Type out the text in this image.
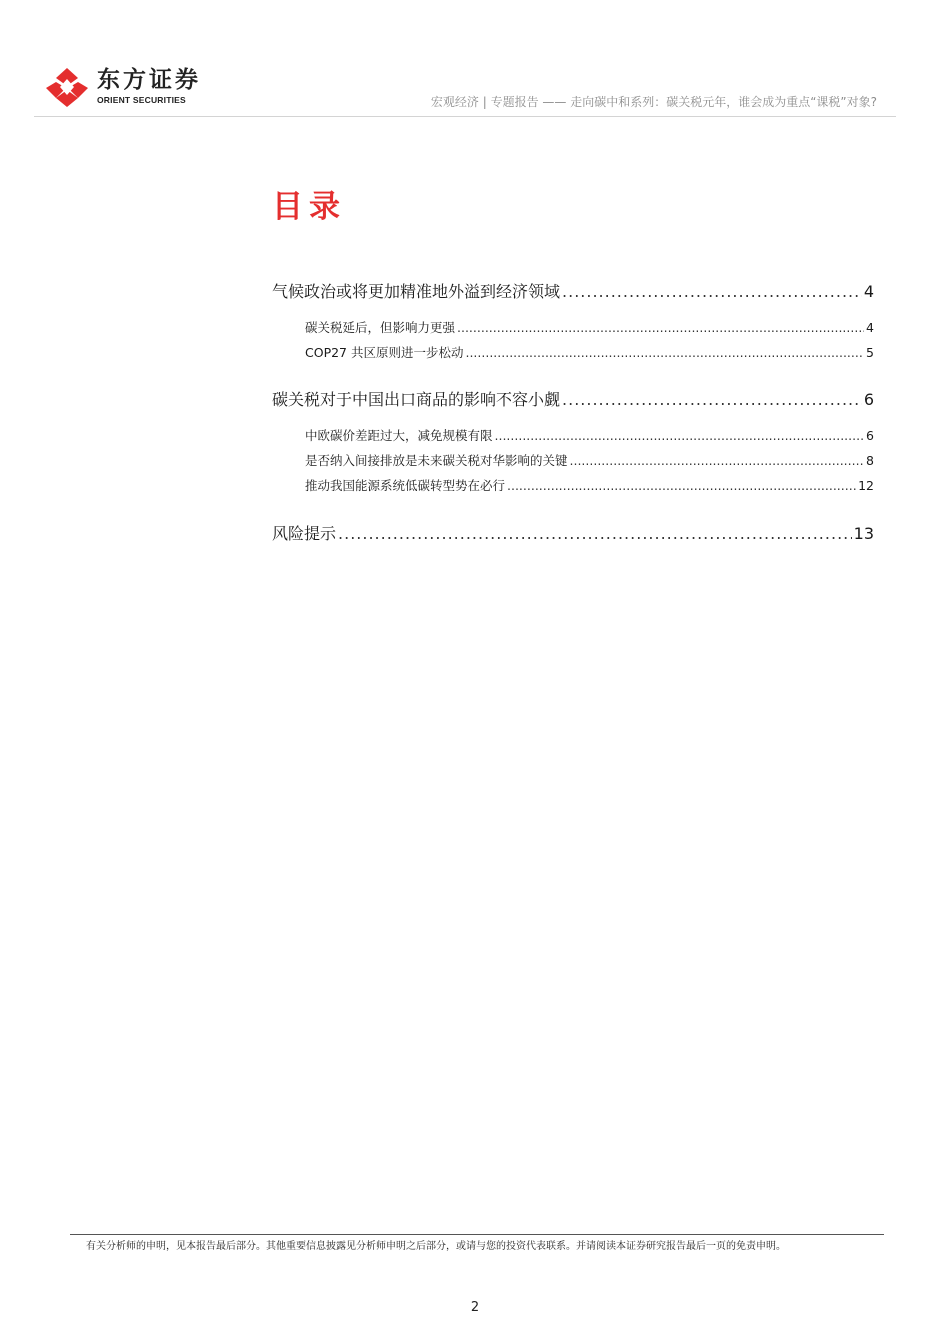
东方证券
ORIENT SECURITIES	宏观经济 | 专题报告 —— 走向碳中和系列：碳关税元年，谁会成为重点“课税”对象?
目录
气候政治或将更加精准地外溢到经济领域 .....	4
碳关税延后，但影响力更强 .....	4
COP27 共区原则进一步松动 .....	5
碳关税对于中国出口商品的影响不容小觑 .....	6
中欧碳价差距过大，减免规模有限 .....	6
是否纳入间接排放是未来碳关税对华影响的关键 .....	8
推动我国能源系统低碳转型势在必行 .....	12
风险提示 .....	13
有关分析师的申明，见本报告最后部分。其他重要信息披露见分析师申明之后部分，或请与您的投资代表联系。并请阅读本证券研究报告最后一页的免责申明。
2
